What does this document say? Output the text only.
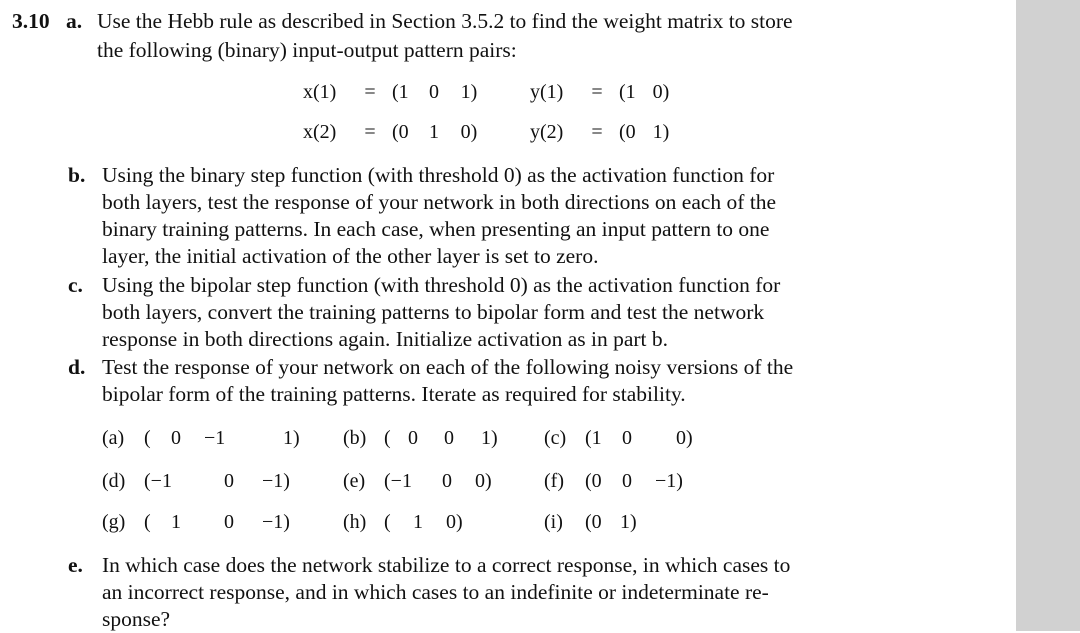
3.10 a. Use the Hebb rule as described in Section 3.5.2 to find the weight matrix to store
the following (binary) input-output pattern pairs:
x(1) = (1 0 1)	y(1) = (1 0)
x(2) = (0 1 0)	y(2) = (0 1)
b. Using the binary step function (with threshold 0) as the activation function for
both layers, test the response of your network in both directions on each of the
binary training patterns. In each case, when presenting an input pattern to one
layer, the initial activation of the other layer is set to zero.
c. Using the bipolar step function (with threshold 0) as the activation function for
both layers, convert the training patterns to bipolar form and test the network
response in both directions again. Initialize activation as in part b.
d. Test the response of your network on each of the following noisy versions of the
bipolar form of the training patterns. Iterate as required for stability.
(a) ( 0 −1	1) (b) ( 0 0 1) (c) (1 0 0)
(d) (−1	0 −1)	(e) (−1 0 0)	(f) (0 0 −1)
(g) ( 1 0 −1)	(h) ( 1 0)	(i) (0 1)
e. In which case does the network stabilize to a correct response, in which cases to
an incorrect response, and in which cases to an indefinite or indeterminate re-
sponse?
